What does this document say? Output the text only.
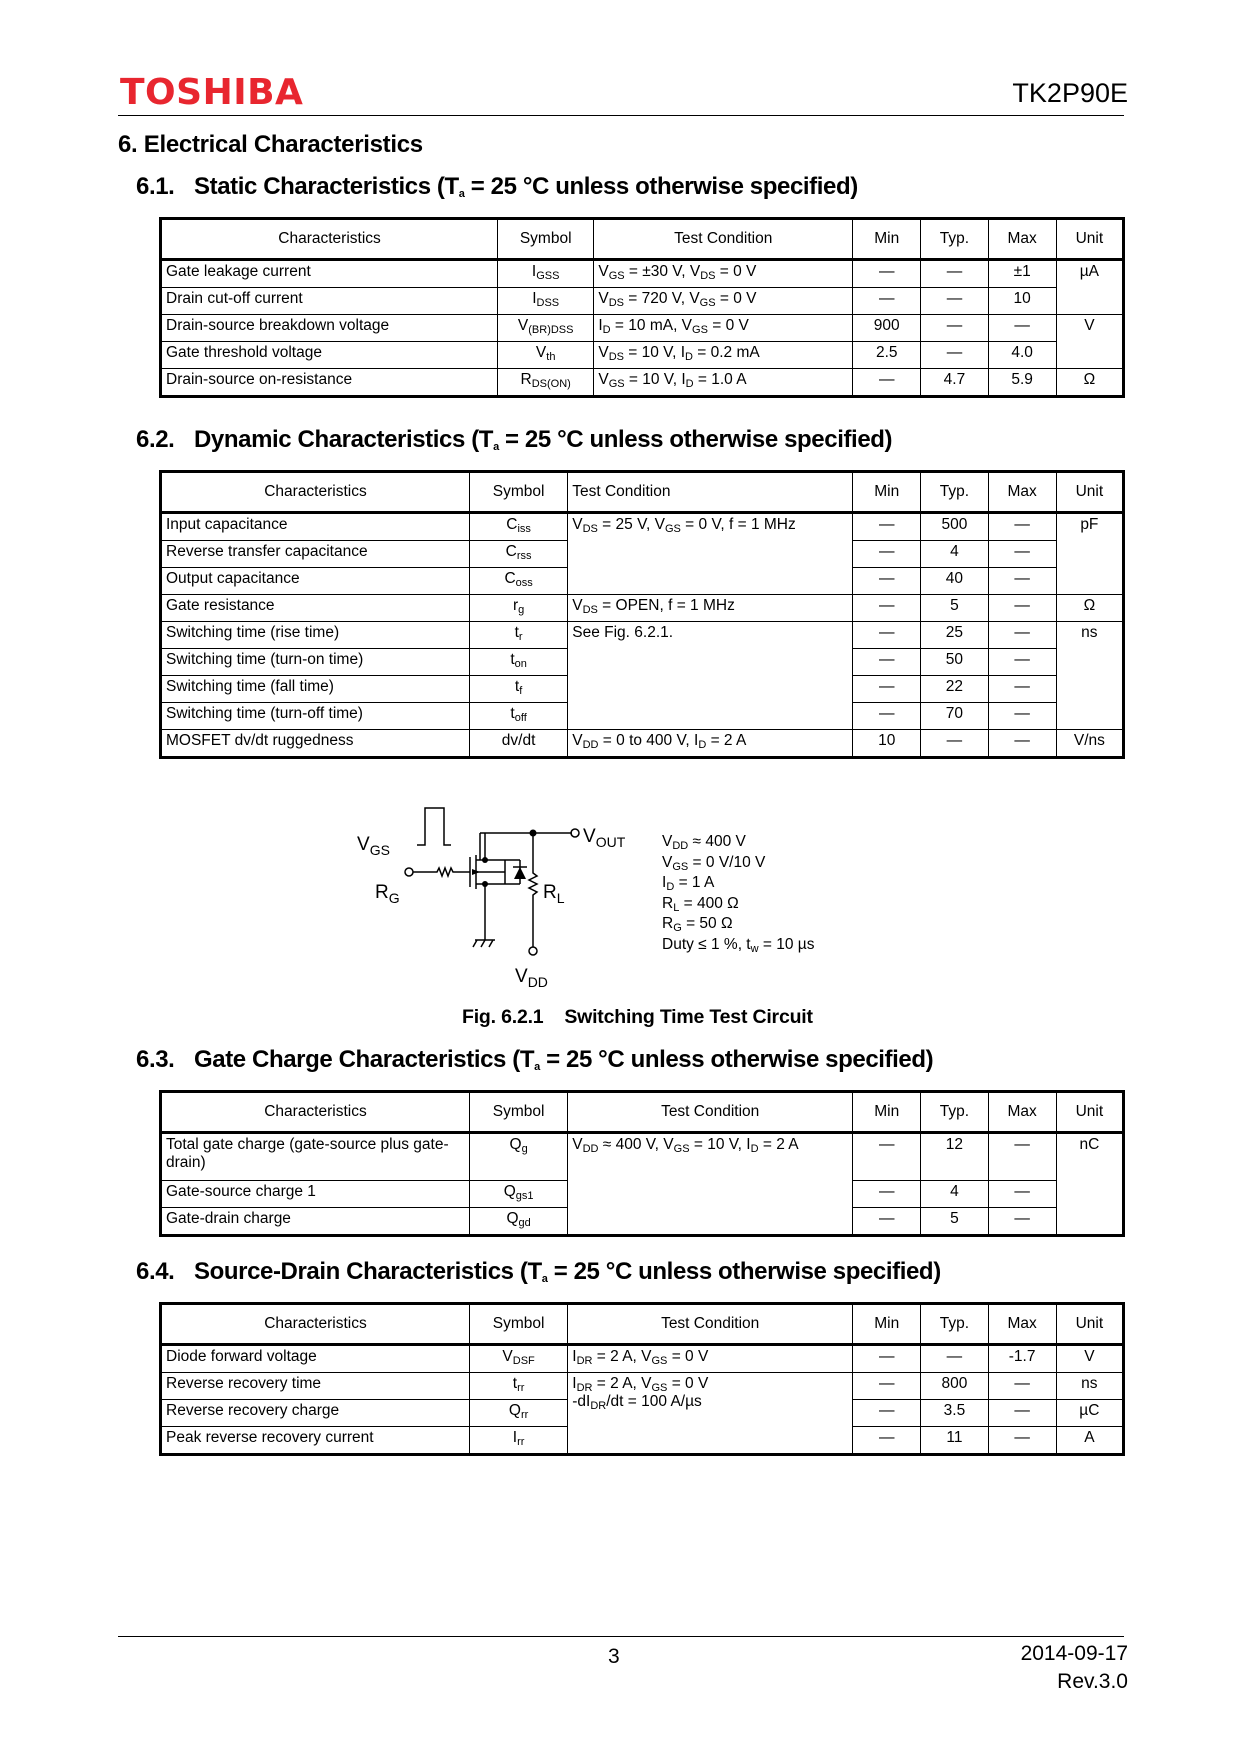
TOSHIBA	TK2P90E
6. Electrical Characteristics
6.1. Static Characteristics ($T_a = 25$ °C unless otherwise specified)
Characteristics	Symbol	Test Condition	Min	Typ.	Max	Unit
Gate leakage current	$I_{GSS}$	$V_{GS} = \pm 30$ V, $V_{DS} = 0$ V	—	—	±1	µA
Drain cut-off current	$I_{DSS}$	$V_{DS} = 720$ V, $V_{GS} = 0$ V	—	—	10	
Drain-source breakdown voltage	$V_{(BR)DSS}$	$I_D = 10$ mA, $V_{GS} = 0$ V	900	—	—	V
Gate threshold voltage	$V_{th}$	$V_{DS} = 10$ V, $I_D = 0.2$ mA	2.5	—	4.0	
Drain-source on-resistance	$R_{DS(ON)}$	$V_{GS} = 10$ V, $I_D = 1.0$ A	—	4.7	5.9	Ω
6.2. Dynamic Characteristics ($T_a = 25$ °C unless otherwise specified)
Characteristics	Symbol	Test Condition	Min	Typ.	Max	Unit
Input capacitance	$C_{iss}$	$V_{DS} = 25$ V, $V_{GS} = 0$ V, f = 1 MHz	—	500	—	pF
Reverse transfer capacitance	$C_{rss}$		—	4	—	
Output capacitance	$C_{oss}$		—	40	—	
Gate resistance	$r_g$	$V_{DS}$ = OPEN, f = 1 MHz	—	5	—	Ω
Switching time (rise time)	$t_r$	See Fig. 6.2.1.	—	25	—	ns
Switching time (turn-on time)	$t_{on}$		—	50	—	
Switching time (fall time)	$t_f$		—	22	—	
Switching time (turn-off time)	$t_{off}$		—	70	—	
MOSFET dv/dt ruggedness	dv/dt	$V_{DD} = 0$ to 400 V, $I_D = 2$ A	10	—	—	V/ns
$V_{GS}$
$V_{OUT}$
$R_G$	$R_L$
$V_{DD}$
$V_{DD} \approx 400$ V
$V_{GS} = 0$ V/10 V
$I_D = 1$ A
$R_L = 400$ Ω
$R_G = 50$ Ω
Duty ≤ 1 %, $t_w = 10$ µs
Fig. 6.2.1    Switching Time Test Circuit
6.3. Gate Charge Characteristics ($T_a = 25$ °C unless otherwise specified)
Characteristics	Symbol	Test Condition	Min	Typ.	Max	Unit
Total gate charge (gate-source plus gate-drain)	$Q_g$	$V_{DD} \approx 400$ V, $V_{GS} = 10$ V, $I_D = 2$ A	—	12	—	nC
Gate-source charge 1	$Q_{gs1}$		—	4	—	
Gate-drain charge	$Q_{gd}$		—	5	—	
6.4. Source-Drain Characteristics ($T_a = 25$ °C unless otherwise specified)
Characteristics	Symbol	Test Condition	Min	Typ.	Max	Unit
Diode forward voltage	$V_{DSF}$	$I_{DR} = 2$ A, $V_{GS} = 0$ V	—	—	-1.7	V
Reverse recovery time	$t_{rr}$	$I_{DR} = 2$ A, $V_{GS} = 0$ V
$-dI_{DR}/dt = 100$ A/µs	—	800	—	ns
Reverse recovery charge	$Q_{rr}$		—	3.5	—	µC
Peak reverse recovery current	$I_{rr}$		—	11	—	A
3	2014-09-17
Rev.3.0
